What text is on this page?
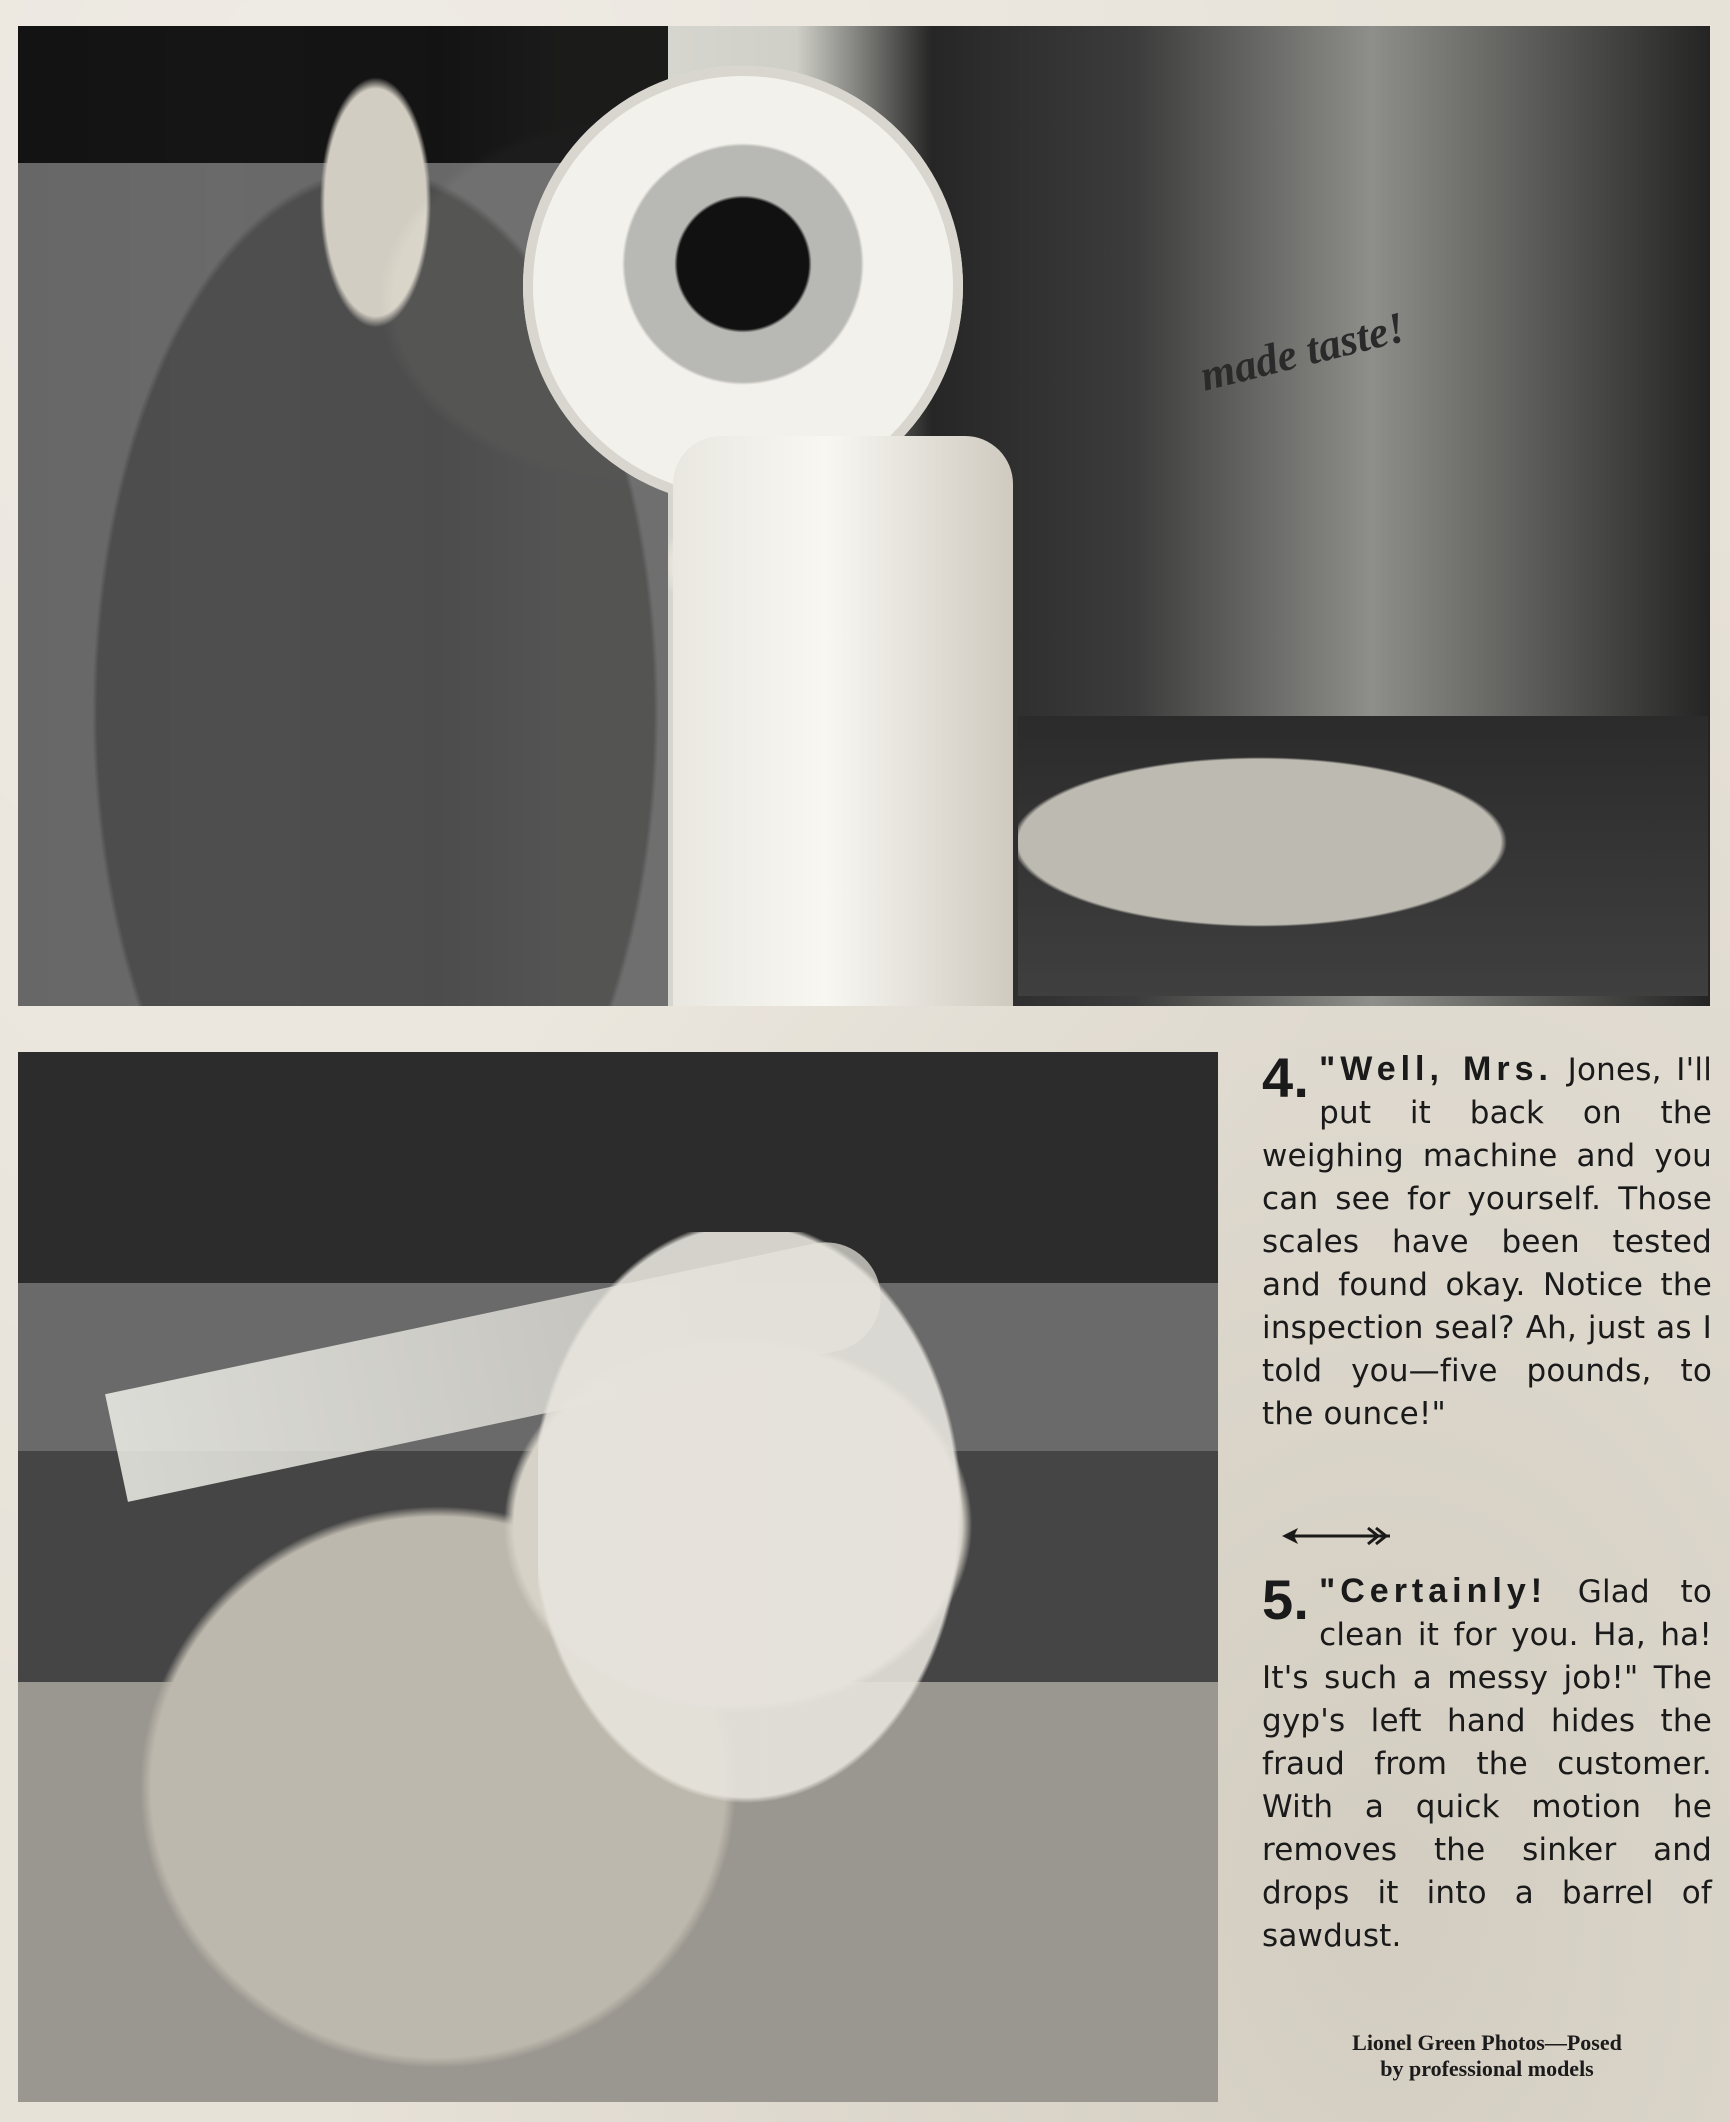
made taste!
4. "Well, Mrs. Jones, I'll put it back on the weighing machine and you can see for yourself. Those scales have been tested and found okay. Notice the inspection seal? Ah, just as I told you—five pounds, to the ounce!"
5. "Certainly! Glad to clean it for you. Ha, ha! It's such a messy job!" The gyp's left hand hides the fraud from the customer. With a quick motion he removes the sinker and drops it into a barrel of sawdust.
Lionel Green Photos—Posed
by professional models
